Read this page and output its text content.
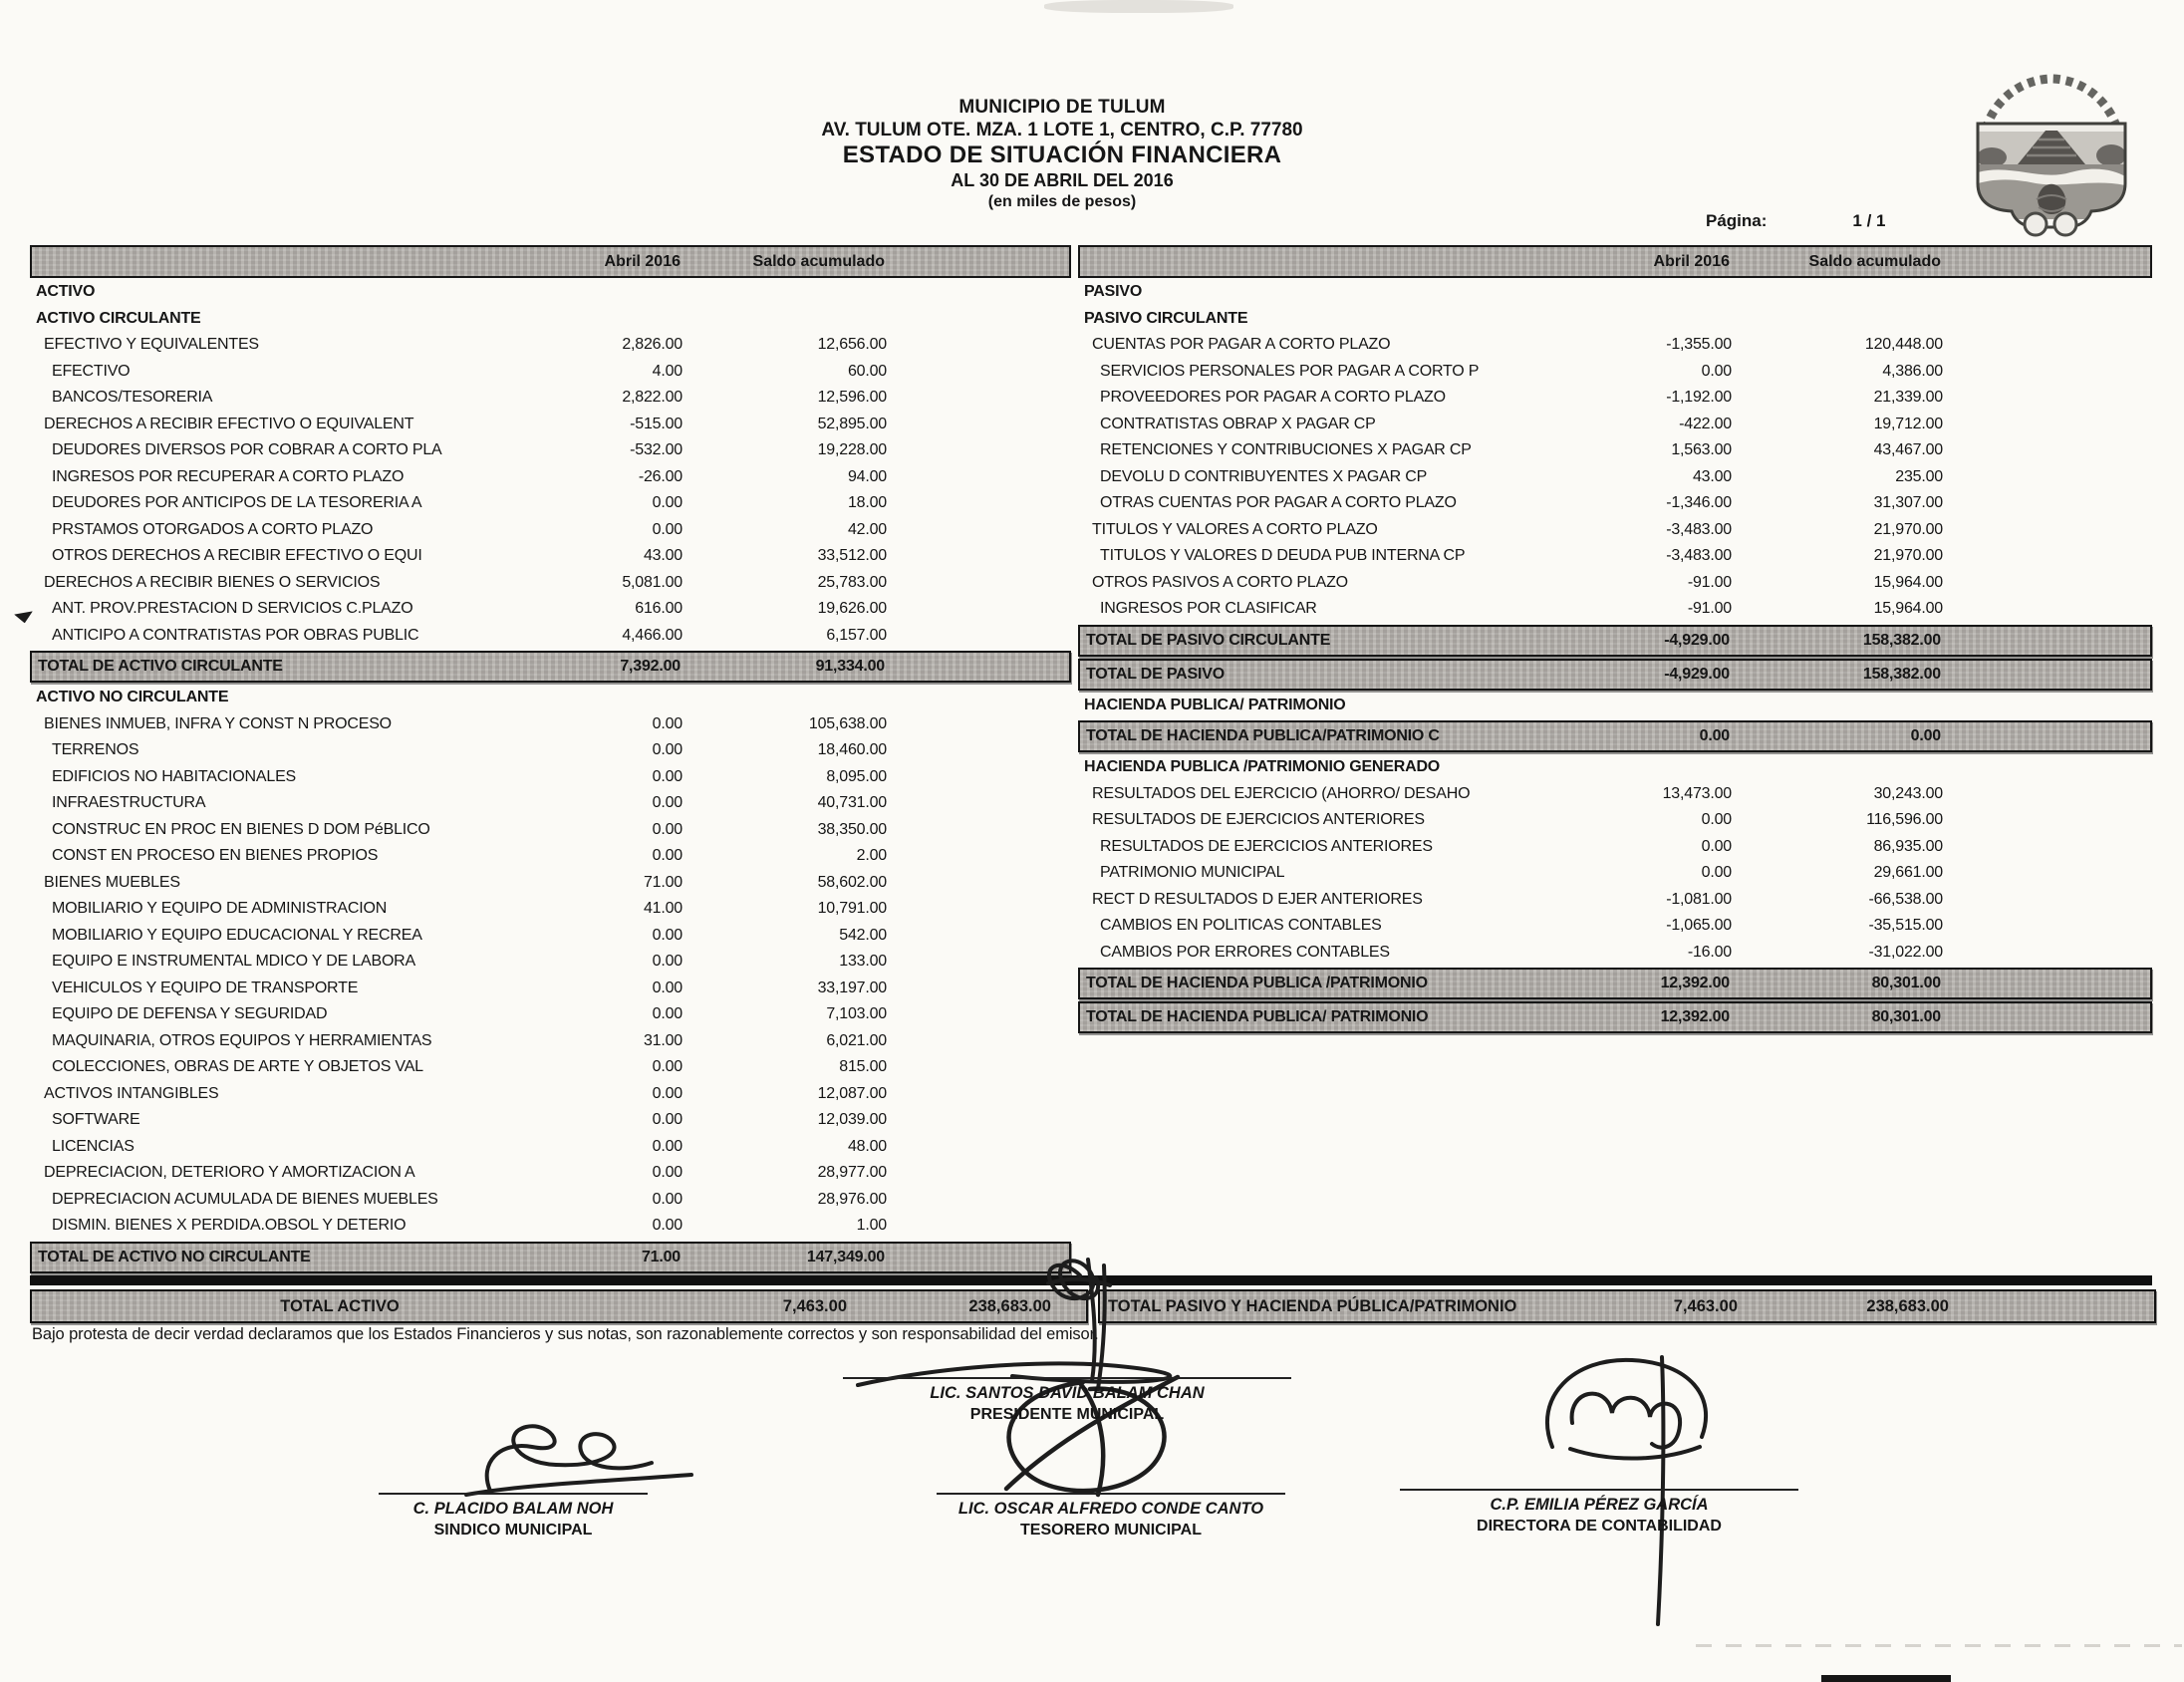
MUNICIPIO DE TULUM
AV. TULUM OTE. MZA. 1 LOTE 1, CENTRO, C.P. 77780
ESTADO DE SITUACIÓN FINANCIERA
AL 30 DE ABRIL DEL 2016
(en miles de pesos)
Página:	1 / 1
Abril 2016	Saldo acumulado
ACTIVO
ACTIVO CIRCULANTE
EFECTIVO Y EQUIVALENTES	2,826.00	12,656.00
EFECTIVO	4.00	60.00
BANCOS/TESORERIA	2,822.00	12,596.00
DERECHOS A RECIBIR EFECTIVO O EQUIVALENT	-515.00	52,895.00
DEUDORES DIVERSOS POR COBRAR A CORTO PLA	-532.00	19,228.00
INGRESOS POR RECUPERAR A CORTO PLAZO	-26.00	94.00
DEUDORES POR ANTICIPOS DE LA TESORERIA A	0.00	18.00
PRSTAMOS OTORGADOS A CORTO PLAZO	0.00	42.00
OTROS DERECHOS A RECIBIR EFECTIVO O EQUI	43.00	33,512.00
DERECHOS A RECIBIR BIENES O SERVICIOS	5,081.00	25,783.00
ANT. PROV.PRESTACION D SERVICIOS C.PLAZO	616.00	19,626.00
ANTICIPO A CONTRATISTAS POR OBRAS PUBLIC	4,466.00	6,157.00
TOTAL DE ACTIVO CIRCULANTE	7,392.00	91,334.00
ACTIVO NO CIRCULANTE
BIENES INMUEB, INFRA Y CONST N PROCESO	0.00	105,638.00
TERRENOS	0.00	18,460.00
EDIFICIOS NO HABITACIONALES	0.00	8,095.00
INFRAESTRUCTURA	0.00	40,731.00
CONSTRUC EN PROC EN BIENES D DOM PéBLICO	0.00	38,350.00
CONST EN PROCESO EN BIENES PROPIOS	0.00	2.00
BIENES MUEBLES	71.00	58,602.00
MOBILIARIO Y EQUIPO DE ADMINISTRACION	41.00	10,791.00
MOBILIARIO Y EQUIPO EDUCACIONAL Y RECREA	0.00	542.00
EQUIPO E INSTRUMENTAL MDICO Y DE LABORA	0.00	133.00
VEHICULOS Y EQUIPO DE TRANSPORTE	0.00	33,197.00
EQUIPO DE DEFENSA Y SEGURIDAD	0.00	7,103.00
MAQUINARIA, OTROS EQUIPOS Y HERRAMIENTAS	31.00	6,021.00
COLECCIONES, OBRAS DE ARTE Y OBJETOS VAL	0.00	815.00
ACTIVOS INTANGIBLES	0.00	12,087.00
SOFTWARE	0.00	12,039.00
LICENCIAS	0.00	48.00
DEPRECIACION, DETERIORO Y AMORTIZACION A	0.00	28,977.00
DEPRECIACION ACUMULADA DE BIENES MUEBLES	0.00	28,976.00
DISMIN. BIENES X PERDIDA.OBSOL Y DETERIO	0.00	1.00
TOTAL DE ACTIVO NO CIRCULANTE	71.00	147,349.00
Abril 2016	Saldo acumulado
PASIVO
PASIVO CIRCULANTE
CUENTAS POR PAGAR A CORTO PLAZO	-1,355.00	120,448.00
SERVICIOS PERSONALES POR PAGAR A CORTO P	0.00	4,386.00
PROVEEDORES POR PAGAR A CORTO PLAZO	-1,192.00	21,339.00
CONTRATISTAS OBRAP X PAGAR CP	-422.00	19,712.00
RETENCIONES Y CONTRIBUCIONES X PAGAR CP	1,563.00	43,467.00
DEVOLU D CONTRIBUYENTES X PAGAR CP	43.00	235.00
OTRAS CUENTAS POR PAGAR A CORTO PLAZO	-1,346.00	31,307.00
TITULOS Y VALORES A CORTO PLAZO	-3,483.00	21,970.00
TITULOS Y VALORES D DEUDA PUB INTERNA CP	-3,483.00	21,970.00
OTROS PASIVOS A CORTO PLAZO	-91.00	15,964.00
INGRESOS POR CLASIFICAR	-91.00	15,964.00
TOTAL DE PASIVO CIRCULANTE	-4,929.00	158,382.00
TOTAL DE PASIVO	-4,929.00	158,382.00
HACIENDA PUBLICA/ PATRIMONIO
TOTAL DE HACIENDA PUBLICA/PATRIMONIO C	0.00	0.00
HACIENDA PUBLICA /PATRIMONIO GENERADO
RESULTADOS DEL EJERCICIO (AHORRO/ DESAHO	13,473.00	30,243.00
RESULTADOS DE EJERCICIOS ANTERIORES	0.00	116,596.00
RESULTADOS DE EJERCICIOS ANTERIORES	0.00	86,935.00
PATRIMONIO MUNICIPAL	0.00	29,661.00
RECT D RESULTADOS D EJER ANTERIORES	-1,081.00	-66,538.00
CAMBIOS EN POLITICAS CONTABLES	-1,065.00	-35,515.00
CAMBIOS POR ERRORES CONTABLES	-16.00	-31,022.00
TOTAL DE HACIENDA PUBLICA /PATRIMONIO	12,392.00	80,301.00
TOTAL DE HACIENDA PUBLICA/ PATRIMONIO	12,392.00	80,301.00
TOTAL ACTIVO	7,463.00	238,683.00	TOTAL PASIVO Y HACIENDA PÚBLICA/PATRIMONIO	7,463.00	238,683.00
Bajo protesta de decir verdad declaramos que los Estados Financieros y sus notas, son razonablemente correctos y son responsabilidad del emisor.
LIC. SANTOS DAVID BALAM CHAN
PRESIDENTE MUNICIPAL
C. PLACIDO BALAM NOH
SINDICO MUNICIPAL
LIC. OSCAR ALFREDO CONDE CANTO
TESORERO MUNICIPAL
C.P. EMILIA PÉREZ GARCÍA
DIRECTORA DE CONTABILIDAD
